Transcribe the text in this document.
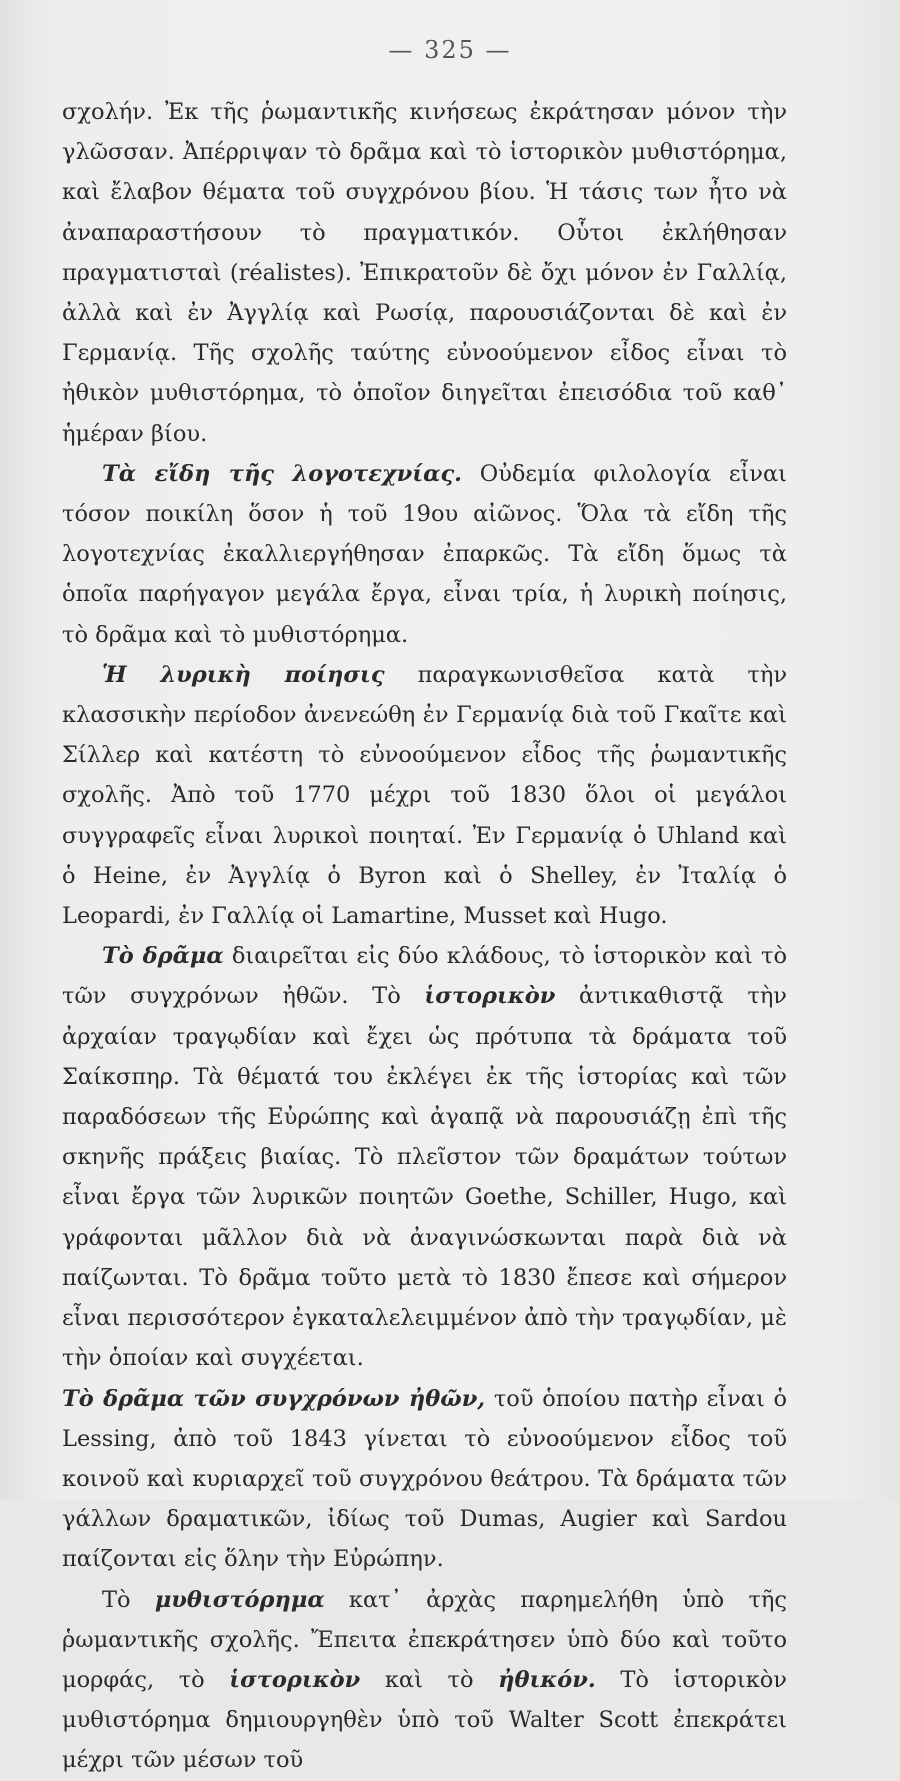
— 325 —

σχολήν. Ἐκ τῆς ῥωμαντικῆς κινήσεως ἐκράτησαν μόνον τὴν γλῶσσαν. Ἀπέρριψαν τὸ δρᾶμα καὶ τὸ ἱστορικὸν μυθιστόρημα, καὶ ἔλαβον θέματα τοῦ συγχρόνου βίου. Ἡ τάσις των ἦτο νὰ ἀναπαραστήσουν τὸ πραγματικόν. Οὗτοι ἐκλήθησαν πραγματισταὶ (réalistes). Ἐπικρατοῦν δὲ ὄχι μόνον ἐν Γαλλίᾳ, ἀλλὰ καὶ ἐν Ἀγγλίᾳ καὶ Ρωσίᾳ, παρουσιάζονται δὲ καὶ ἐν Γερμανίᾳ. Τῆς σχολῆς ταύτης εὐνοούμενον εἶδος εἶναι τὸ ἠθικὸν μυθιστόρημα, τὸ ὁποῖον διηγεῖται ἐπεισόδια τοῦ καθ᾽ ἡμέραν βίου.

Τὰ εἴδη τῆς λογοτεχνίας. Οὐδεμία φιλολογία εἶναι τόσον ποικίλη ὅσον ἡ τοῦ 19ου αἰῶνος. Ὅλα τὰ εἴδη τῆς λογοτεχνίας ἐκαλλιεργήθησαν ἐπαρκῶς. Τὰ εἴδη ὅμως τὰ ὁποῖα παρήγαγον μεγάλα ἔργα, εἶναι τρία, ἡ λυρικὴ ποίησις, τὸ δρᾶμα καὶ τὸ μυθιστόρημα.

Ἡ λυρικὴ ποίησις παραγκωνισθεῖσα κατὰ τὴν κλασσικὴν περίοδον ἀνενεώθη ἐν Γερμανίᾳ διὰ τοῦ Γκαῖτε καὶ Σίλλερ καὶ κατέστη τὸ εὐνοούμενον εἶδος τῆς ῥωμαντικῆς σχολῆς. Ἀπὸ τοῦ 1770 μέχρι τοῦ 1830 ὅλοι οἱ μεγάλοι συγγραφεῖς εἶναι λυρικοὶ ποιηταί. Ἐν Γερμανίᾳ ὁ Uhland καὶ ὁ Heine, ἐν Ἀγγλίᾳ ὁ Byron καὶ ὁ Shelley, ἐν Ἰταλίᾳ ὁ Leopardi, ἐν Γαλλίᾳ οἱ Lamartine, Musset καὶ Hugo.

Τὸ δρᾶμα διαιρεῖται εἰς δύο κλάδους, τὸ ἱστορικὸν καὶ τὸ τῶν συγχρόνων ἠθῶν. Τὸ ἱστορικὸν ἀντικαθιστᾷ τὴν ἀρχαίαν τραγῳδίαν καὶ ἔχει ὡς πρότυπα τὰ δράματα τοῦ Σαίκσπηρ. Τὰ θέματά του ἐκλέγει ἐκ τῆς ἱστορίας καὶ τῶν παραδόσεων τῆς Εὐρώπης καὶ ἀγαπᾷ νὰ παρουσιάζῃ ἐπὶ τῆς σκηνῆς πράξεις βιαίας. Τὸ πλεῖστον τῶν δραμάτων τούτων εἶναι ἔργα τῶν λυρικῶν ποιητῶν Goethe, Schiller, Hugo, καὶ γράφονται μᾶλλον διὰ νὰ ἀναγινώσκωνται παρὰ διὰ νὰ παίζωνται. Τὸ δρᾶμα τοῦτο μετὰ τὸ 1830 ἔπεσε καὶ σήμερον εἶναι περισσότερον ἐγκαταλελειμμένον ἀπὸ τὴν τραγῳδίαν, μὲ τὴν ὁποίαν καὶ συγχέεται.

Τὸ δρᾶμα τῶν συγχρόνων ἠθῶν, τοῦ ὁποίου πατὴρ εἶναι ὁ Lessing, ἀπὸ τοῦ 1843 γίνεται τὸ εὐνοούμενον εἶδος τοῦ κοινοῦ καὶ κυριαρχεῖ τοῦ συγχρόνου θεάτρου. Τὰ δράματα τῶν γάλλων δραματικῶν, ἰδίως τοῦ Dumas, Augier καὶ Sardou παίζονται εἰς ὅλην τὴν Εὐρώπην.

Τὸ μυθιστόρημα κατ᾽ ἀρχὰς παρημελήθη ὑπὸ τῆς ῥωμαντικῆς σχολῆς. Ἔπειτα ἐπεκράτησεν ὑπὸ δύο καὶ τοῦτο μορφάς, τὸ ἱστορικὸν καὶ τὸ ἠθικόν. Τὸ ἱστορικὸν μυθιστόρημα δημιουργηθὲν ὑπὸ τοῦ Walter Scott ἐπεκράτει μέχρι τῶν μέσων τοῦ
